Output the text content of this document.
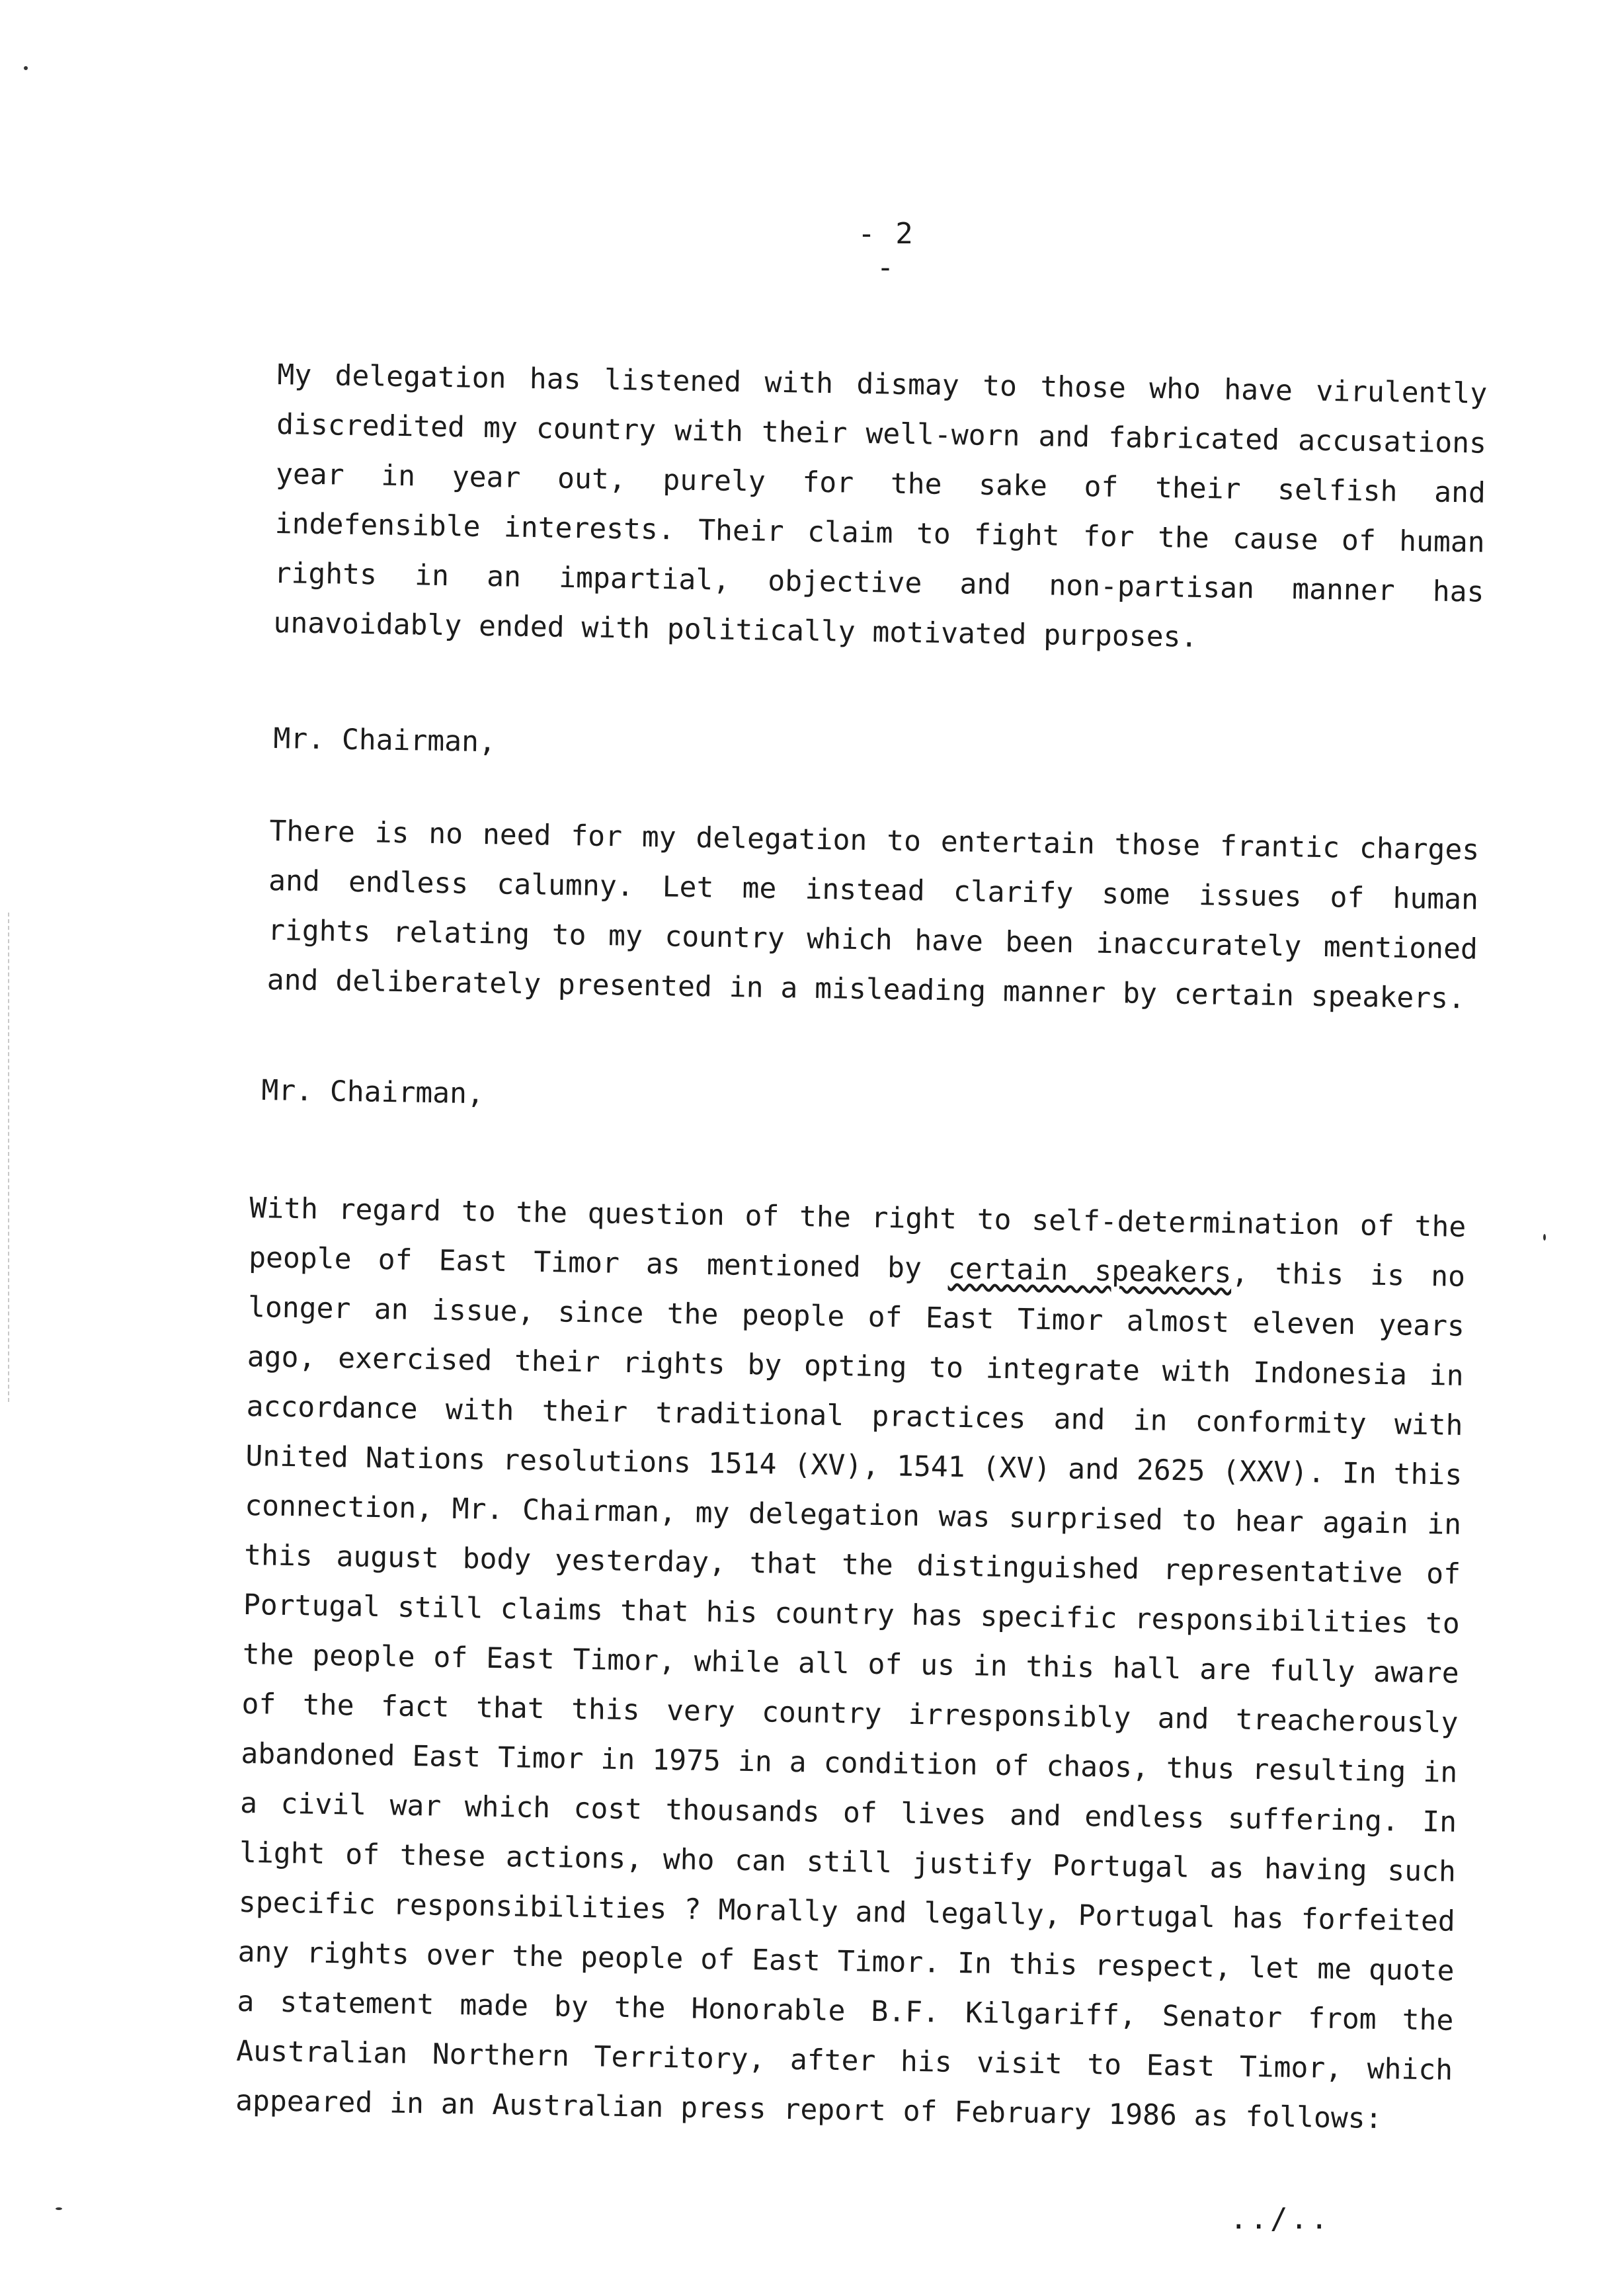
- 2 -

My delegation has listened with dismay to those who have virulently discredited my country with their well-worn and fabricated accusations year in year out, purely for the sake of their selfish and indefensible interests. Their claim to fight for the cause of human rights in an impartial, objective and non-partisan manner has unavoidably ended with politically motivated purposes.

Mr. Chairman,

There is no need for my delegation to entertain those frantic charges and endless calumny. Let me instead clarify some issues of human rights relating to my country which have been inaccurately mentioned and deliberately presented in a misleading manner by certain speakers.

Mr. Chairman,

With regard to the question of the right to self-determination of the people of East Timor as mentioned by certain speakers, this is no longer an issue, since the people of East Timor almost eleven years ago, exercised their rights by opting to integrate with Indonesia in accordance with their traditional practices and in conformity with United Nations resolutions 1514 (XV), 1541 (XV) and 2625 (XXV). In this connection, Mr. Chairman, my delegation was surprised to hear again in this august body yesterday, that the distinguished representative of Portugal still claims that his country has specific responsibilities to the people of East Timor, while all of us in this hall are fully aware of the fact that this very country irresponsibly and treacherously abandoned East Timor in 1975 in a condition of chaos, thus resulting in a civil war which cost thousands of lives and endless suffering. In light of these actions, who can still justify Portugal as having such specific responsibilities ? Morally and legally, Portugal has forfeited any rights over the people of East Timor. In this respect, let me quote a statement made by the Honorable B.F. Kilgariff, Senator from the Australian Northern Territory, after his visit to East Timor, which appeared in an Australian press report of February 1986 as follows:

../..
